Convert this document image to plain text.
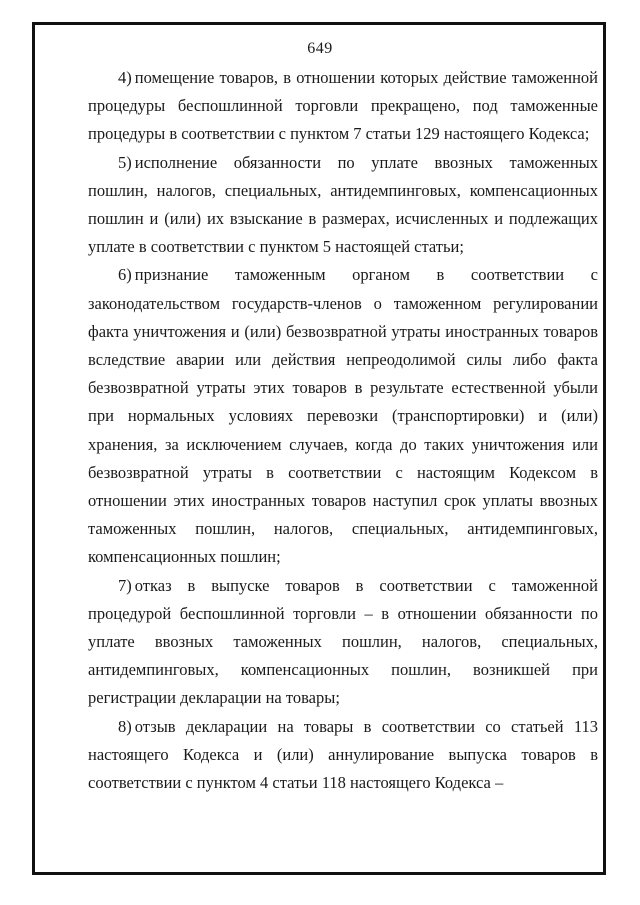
649

4) помещение товаров, в отношении которых действие таможенной процедуры беспошлинной торговли прекращено, под таможенные процедуры в соответствии с пунктом 7 статьи 129 настоящего Кодекса;

5) исполнение обязанности по уплате ввозных таможенных пошлин, налогов, специальных, антидемпинговых, компенсационных пошлин и (или) их взыскание в размерах, исчисленных и подлежащих уплате в соответствии с пунктом 5 настоящей статьи;

6) признание таможенным органом в соответствии с законодательством государств-членов о таможенном регулировании факта уничтожения и (или) безвозвратной утраты иностранных товаров вследствие аварии или действия непреодолимой силы либо факта безвозвратной утраты этих товаров в результате естественной убыли при нормальных условиях перевозки (транспортировки) и (или) хранения, за исключением случаев, когда до таких уничтожения или безвозвратной утраты в соответствии с настоящим Кодексом в отношении этих иностранных товаров наступил срок уплаты ввозных таможенных пошлин, налогов, специальных, антидемпинговых, компенсационных пошлин;

7) отказ в выпуске товаров в соответствии с таможенной процедурой беспошлинной торговли – в отношении обязанности по уплате ввозных таможенных пошлин, налогов, специальных, антидемпинговых, компенсационных пошлин, возникшей при регистрации декларации на товары;

8) отзыв декларации на товары в соответствии со статьей 113 настоящего Кодекса и (или) аннулирование выпуска товаров в соответствии с пунктом 4 статьи 118 настоящего Кодекса –
